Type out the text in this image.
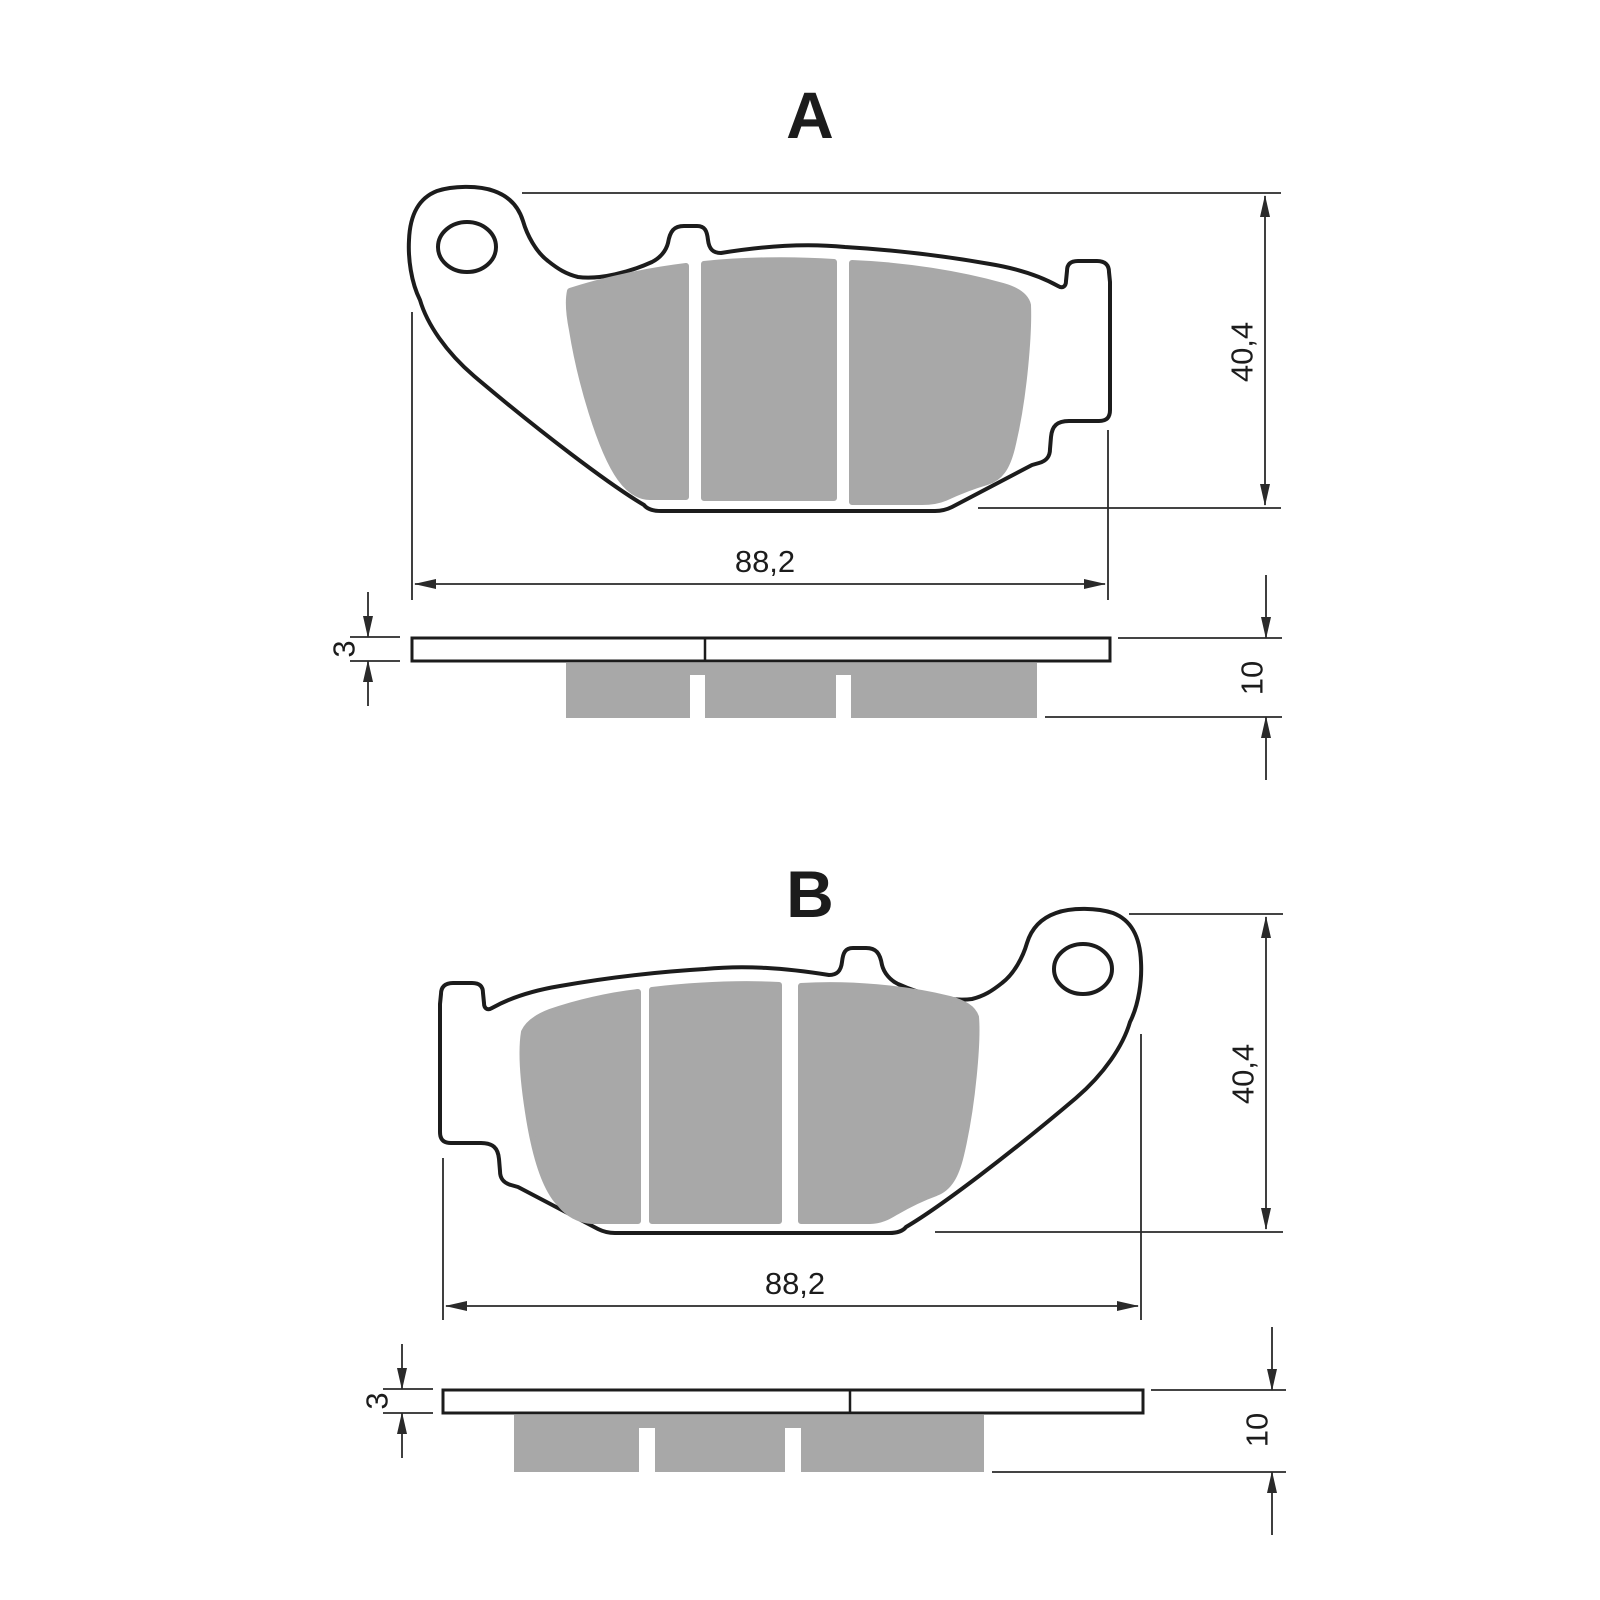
A
40,4
88,2
3
10
B
40,4
88,2
3
10
